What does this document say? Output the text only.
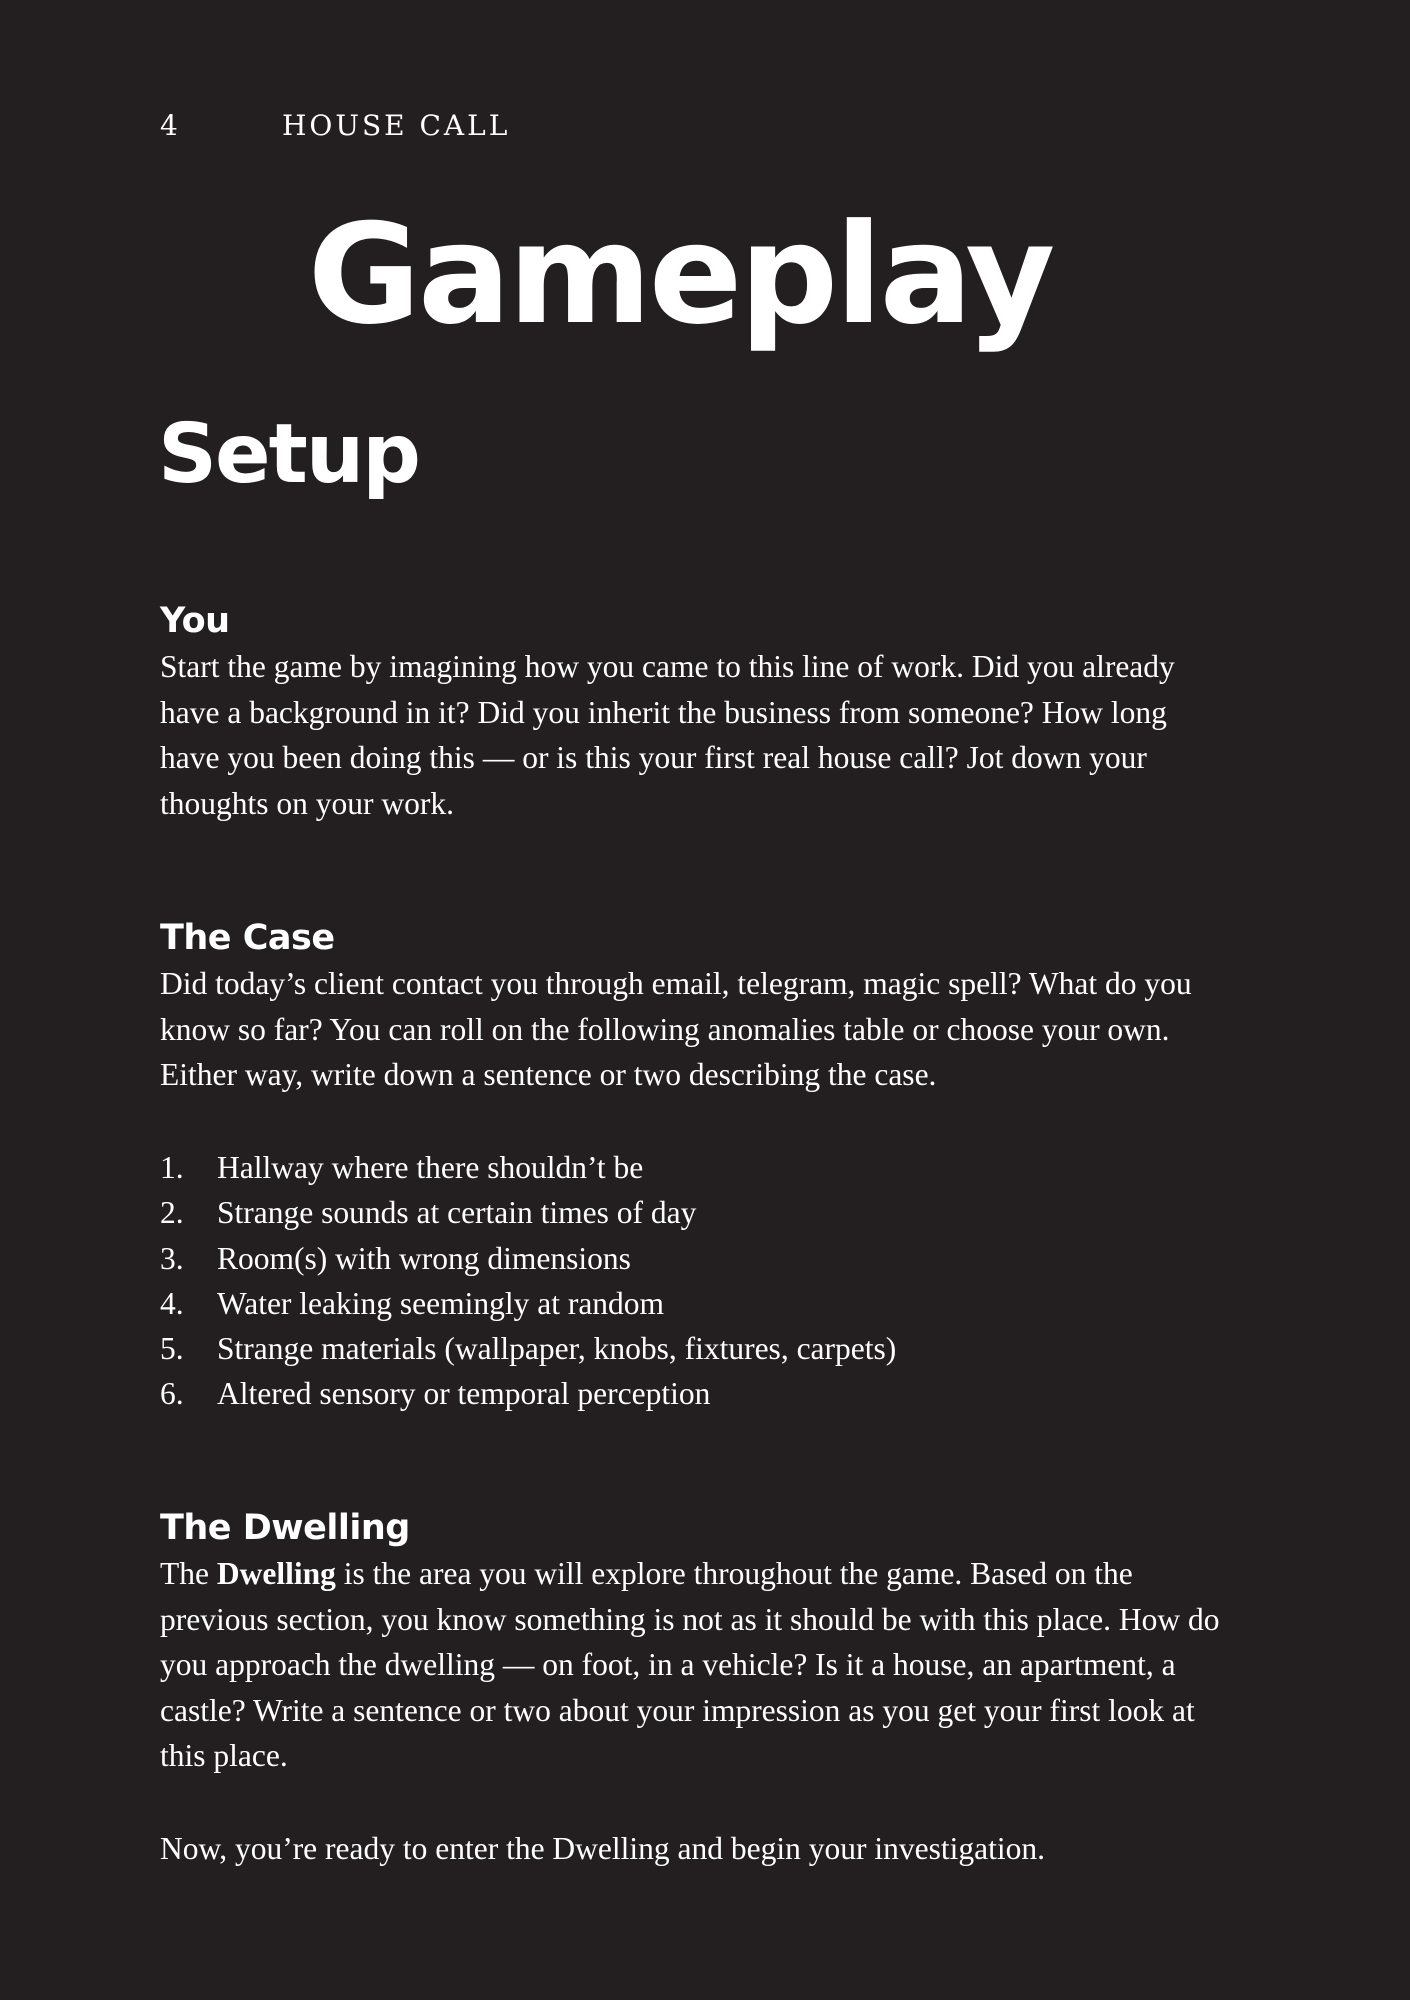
4	HOUSE CALL
Gameplay
Setup
You

Start the game by imagining how you came to this line of work. Did you already have a background in it? Did you inherit the business from someone? How long have you been doing this — or is this your first real house call? Jot down your thoughts on your work.

The Case

Did today’s client contact you through email, telegram, magic spell? What do you know so far? You can roll on the following anomalies table or choose your own. Either way, write down a sentence or two describing the case.

1. Hallway where there shouldn’t be
2. Strange sounds at certain times of day
3. Room(s) with wrong dimensions
4. Water leaking seemingly at random
5. Strange materials (wallpaper, knobs, fixtures, carpets)
6. Altered sensory or temporal perception
The Dwelling

The Dwelling is the area you will explore throughout the game. Based on the previous section, you know something is not as it should be with this place. How do you approach the dwelling — on foot, in a vehicle? Is it a house, an apartment, a castle? Write a sentence or two about your impression as you get your first look at this place.

Now, you’re ready to enter the Dwelling and begin your investigation.
